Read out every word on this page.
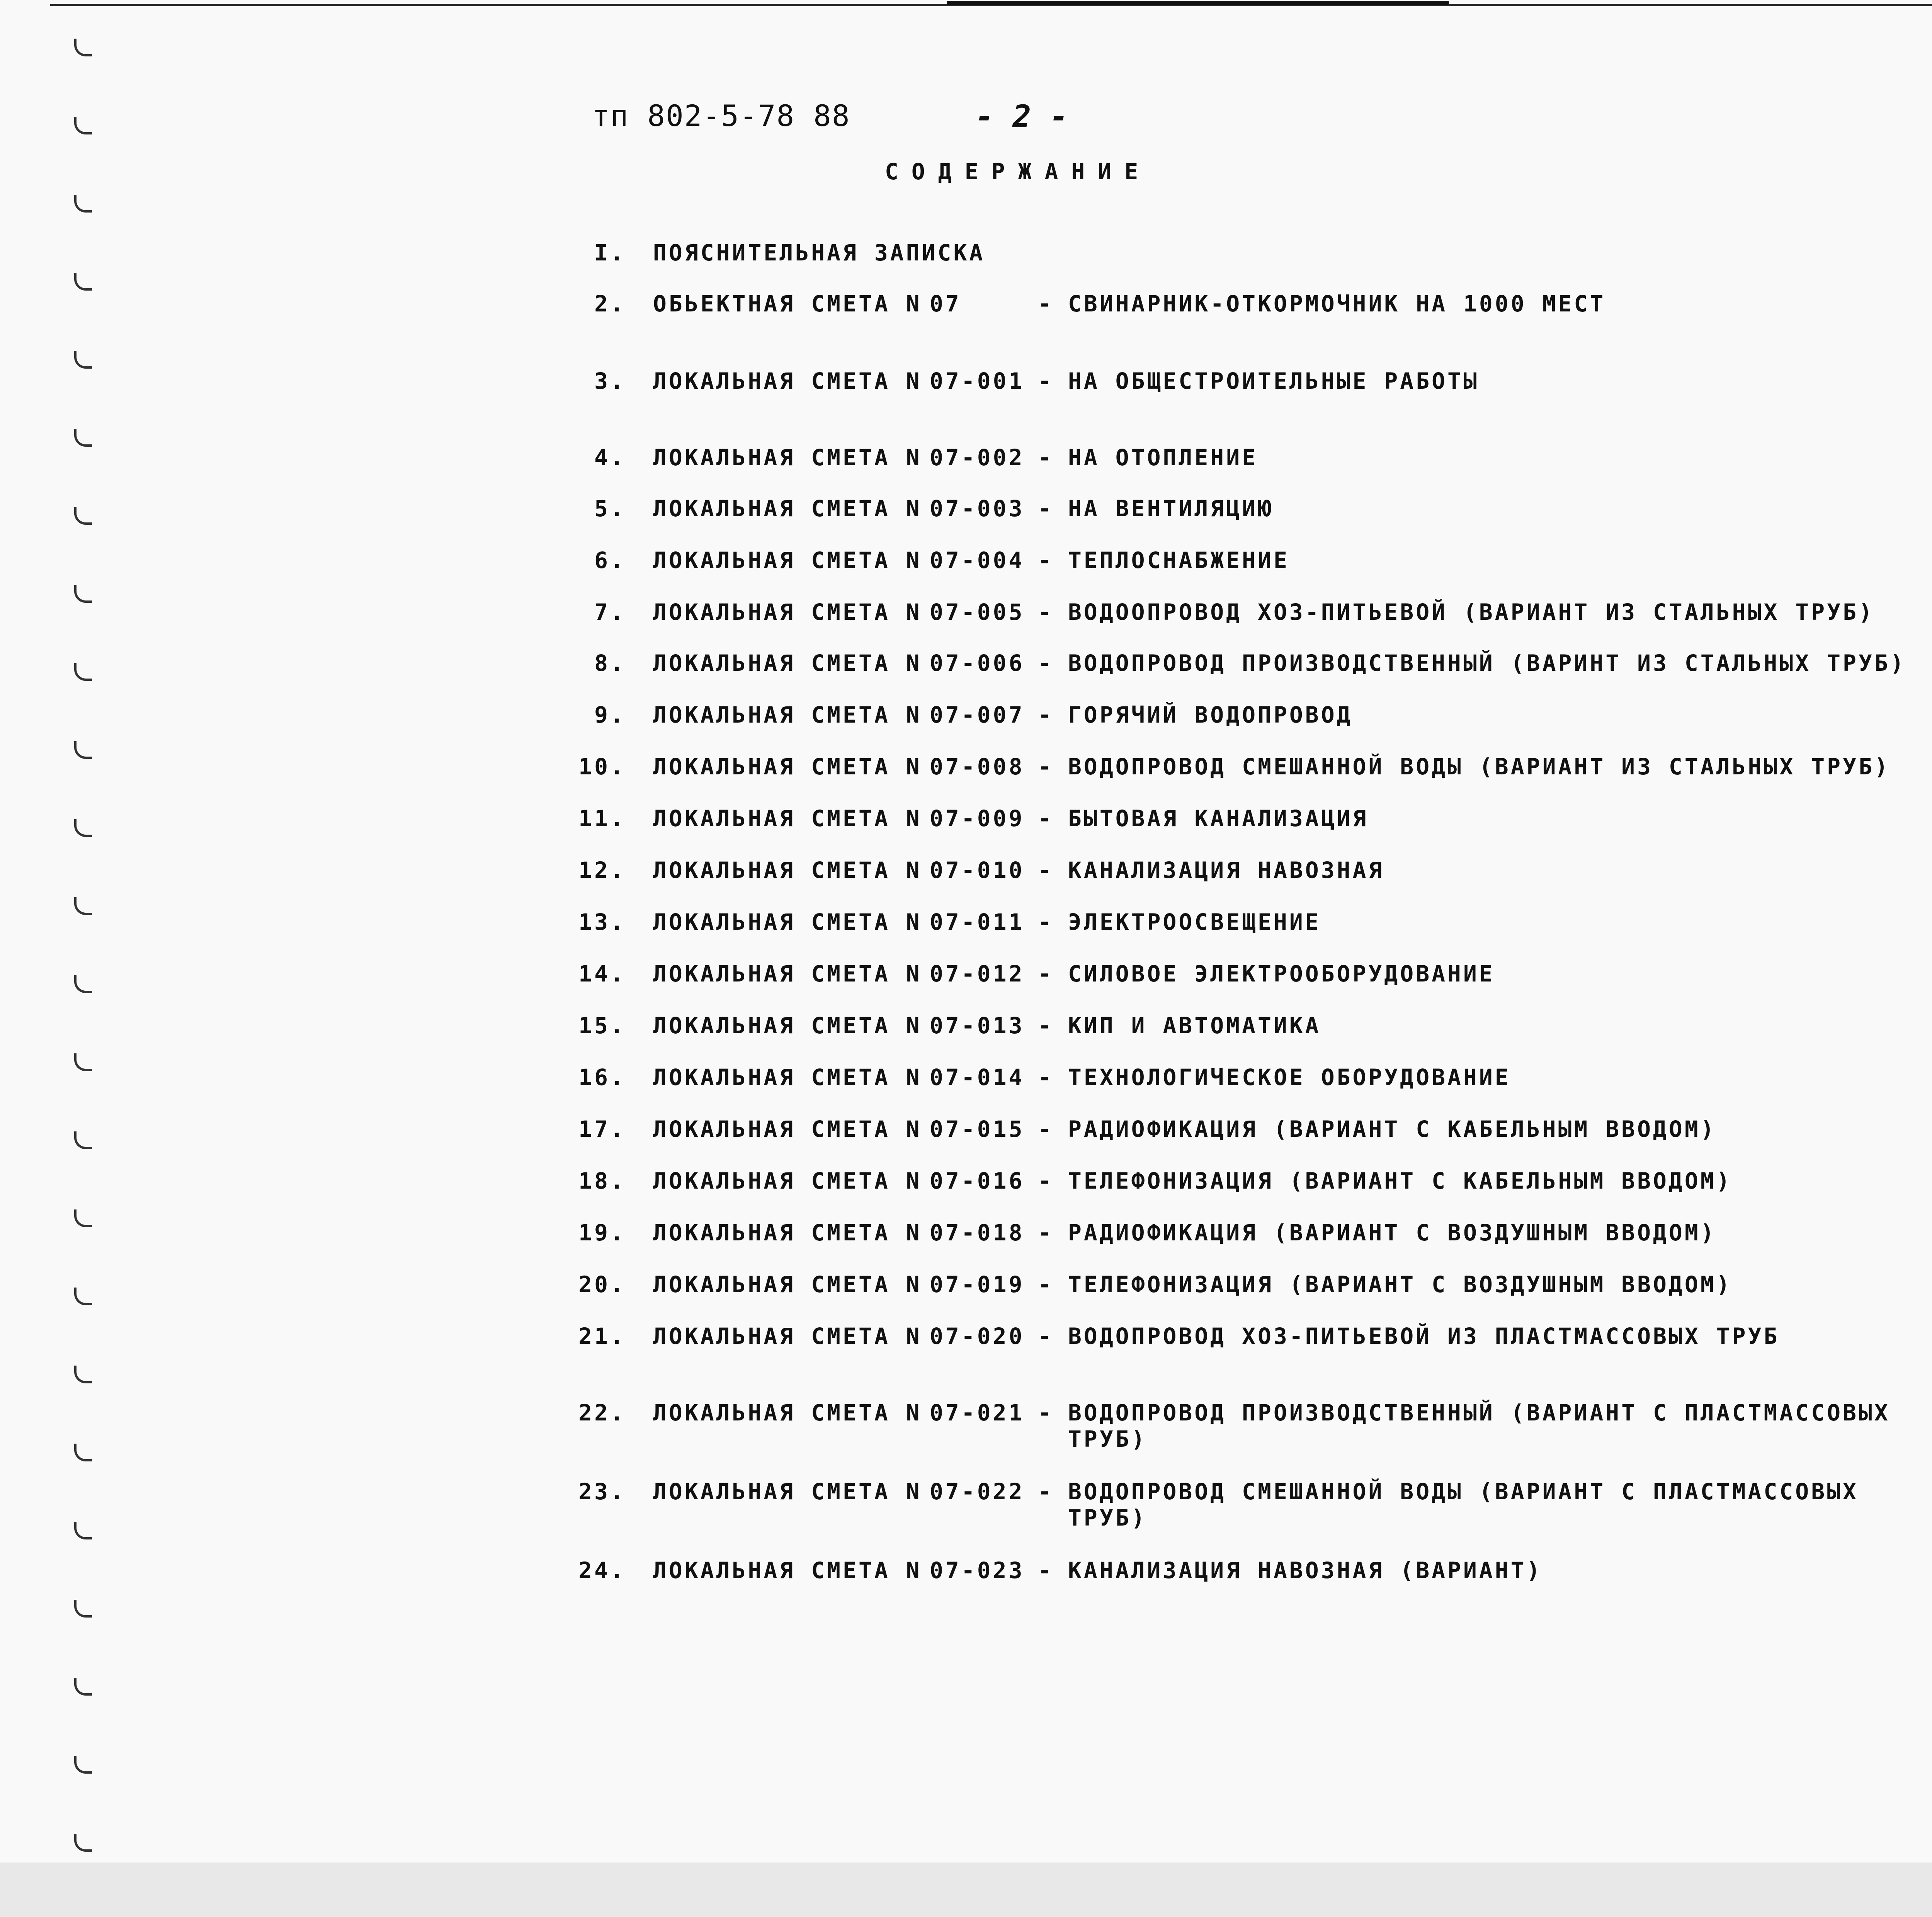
тп 802-5-78 88	- 2 -
СОДЕРЖАНИЕ
I. ПОЯСНИТЕЛЬНАЯ ЗАПИСКА
2. ОБЬЕКТНАЯ СМЕТА N 07	- СВИНАРНИК-ОТКОРМОЧНИК НА 1000 МЕСТ
3. ЛОКАЛЬНАЯ СМЕТА N 07-001 - НА ОБЩЕСТРОИТЕЛЬНЫЕ РАБОТЫ
4. ЛОКАЛЬНАЯ СМЕТА N 07-002 - НА ОТОПЛЕНИЕ
5. ЛОКАЛЬНАЯ СМЕТА N 07-003 - НА ВЕНТИЛЯЦИЮ
6. ЛОКАЛЬНАЯ СМЕТА N 07-004 - ТЕПЛОСНАБЖЕНИЕ
7. ЛОКАЛЬНАЯ СМЕТА N 07-005 - ВОДООПРОВОД ХОЗ-ПИТЬЕВОЙ (ВАРИАНТ ИЗ СТАЛЬНЫХ ТРУБ)
8. ЛОКАЛЬНАЯ СМЕТА N 07-006 - ВОДОПРОВОД ПРОИЗВОДСТВЕННЫЙ (ВАРИНТ ИЗ СТАЛЬНЫХ ТРУБ)
9. ЛОКАЛЬНАЯ СМЕТА N 07-007 - ГОРЯЧИЙ ВОДОПРОВОД
10. ЛОКАЛЬНАЯ СМЕТА N 07-008 - ВОДОПРОВОД СМЕШАННОЙ ВОДЫ (ВАРИАНТ ИЗ СТАЛЬНЫХ ТРУБ)
11. ЛОКАЛЬНАЯ СМЕТА N 07-009 - БЫТОВАЯ КАНАЛИЗАЦИЯ
12. ЛОКАЛЬНАЯ СМЕТА N 07-010 - КАНАЛИЗАЦИЯ НАВОЗНАЯ
13. ЛОКАЛЬНАЯ СМЕТА N 07-011 - ЭЛЕКТРООСВЕЩЕНИЕ
14. ЛОКАЛЬНАЯ СМЕТА N 07-012 - СИЛОВОЕ ЭЛЕКТРООБОРУДОВАНИЕ
15. ЛОКАЛЬНАЯ СМЕТА N 07-013 - КИП И АВТОМАТИКА
16. ЛОКАЛЬНАЯ СМЕТА N 07-014 - ТЕХНОЛОГИЧЕСКОЕ ОБОРУДОВАНИЕ
17. ЛОКАЛЬНАЯ СМЕТА N 07-015 - РАДИОФИКАЦИЯ (ВАРИАНТ С КАБЕЛЬНЫМ ВВОДОМ)
18. ЛОКАЛЬНАЯ СМЕТА N 07-016 - ТЕЛЕФОНИЗАЦИЯ (ВАРИАНТ С КАБЕЛЬНЫМ ВВОДОМ)
19. ЛОКАЛЬНАЯ СМЕТА N 07-018 - РАДИОФИКАЦИЯ (ВАРИАНТ С ВОЗДУШНЫМ ВВОДОМ)
20. ЛОКАЛЬНАЯ СМЕТА N 07-019 - ТЕЛЕФОНИЗАЦИЯ (ВАРИАНТ С ВОЗДУШНЫМ ВВОДОМ)
21. ЛОКАЛЬНАЯ СМЕТА N 07-020 - ВОДОПРОВОД ХОЗ-ПИТЬЕВОЙ ИЗ ПЛАСТМАССОВЫХ ТРУБ
22. ЛОКАЛЬНАЯ СМЕТА N 07-021 - ВОДОПРОВОД ПРОИЗВОДСТВЕННЫЙ (ВАРИАНТ С ПЛАСТМАССОВЫХ ТРУБ)
23. ЛОКАЛЬНАЯ СМЕТА N 07-022 - ВОДОПРОВОД СМЕШАННОЙ ВОДЫ (ВАРИАНТ С ПЛАСТМАССОВЫХ ТРУБ)
24. ЛОКАЛЬНАЯ СМЕТА N 07-023 - КАНАЛИЗАЦИЯ НАВОЗНАЯ (ВАРИАНТ)
